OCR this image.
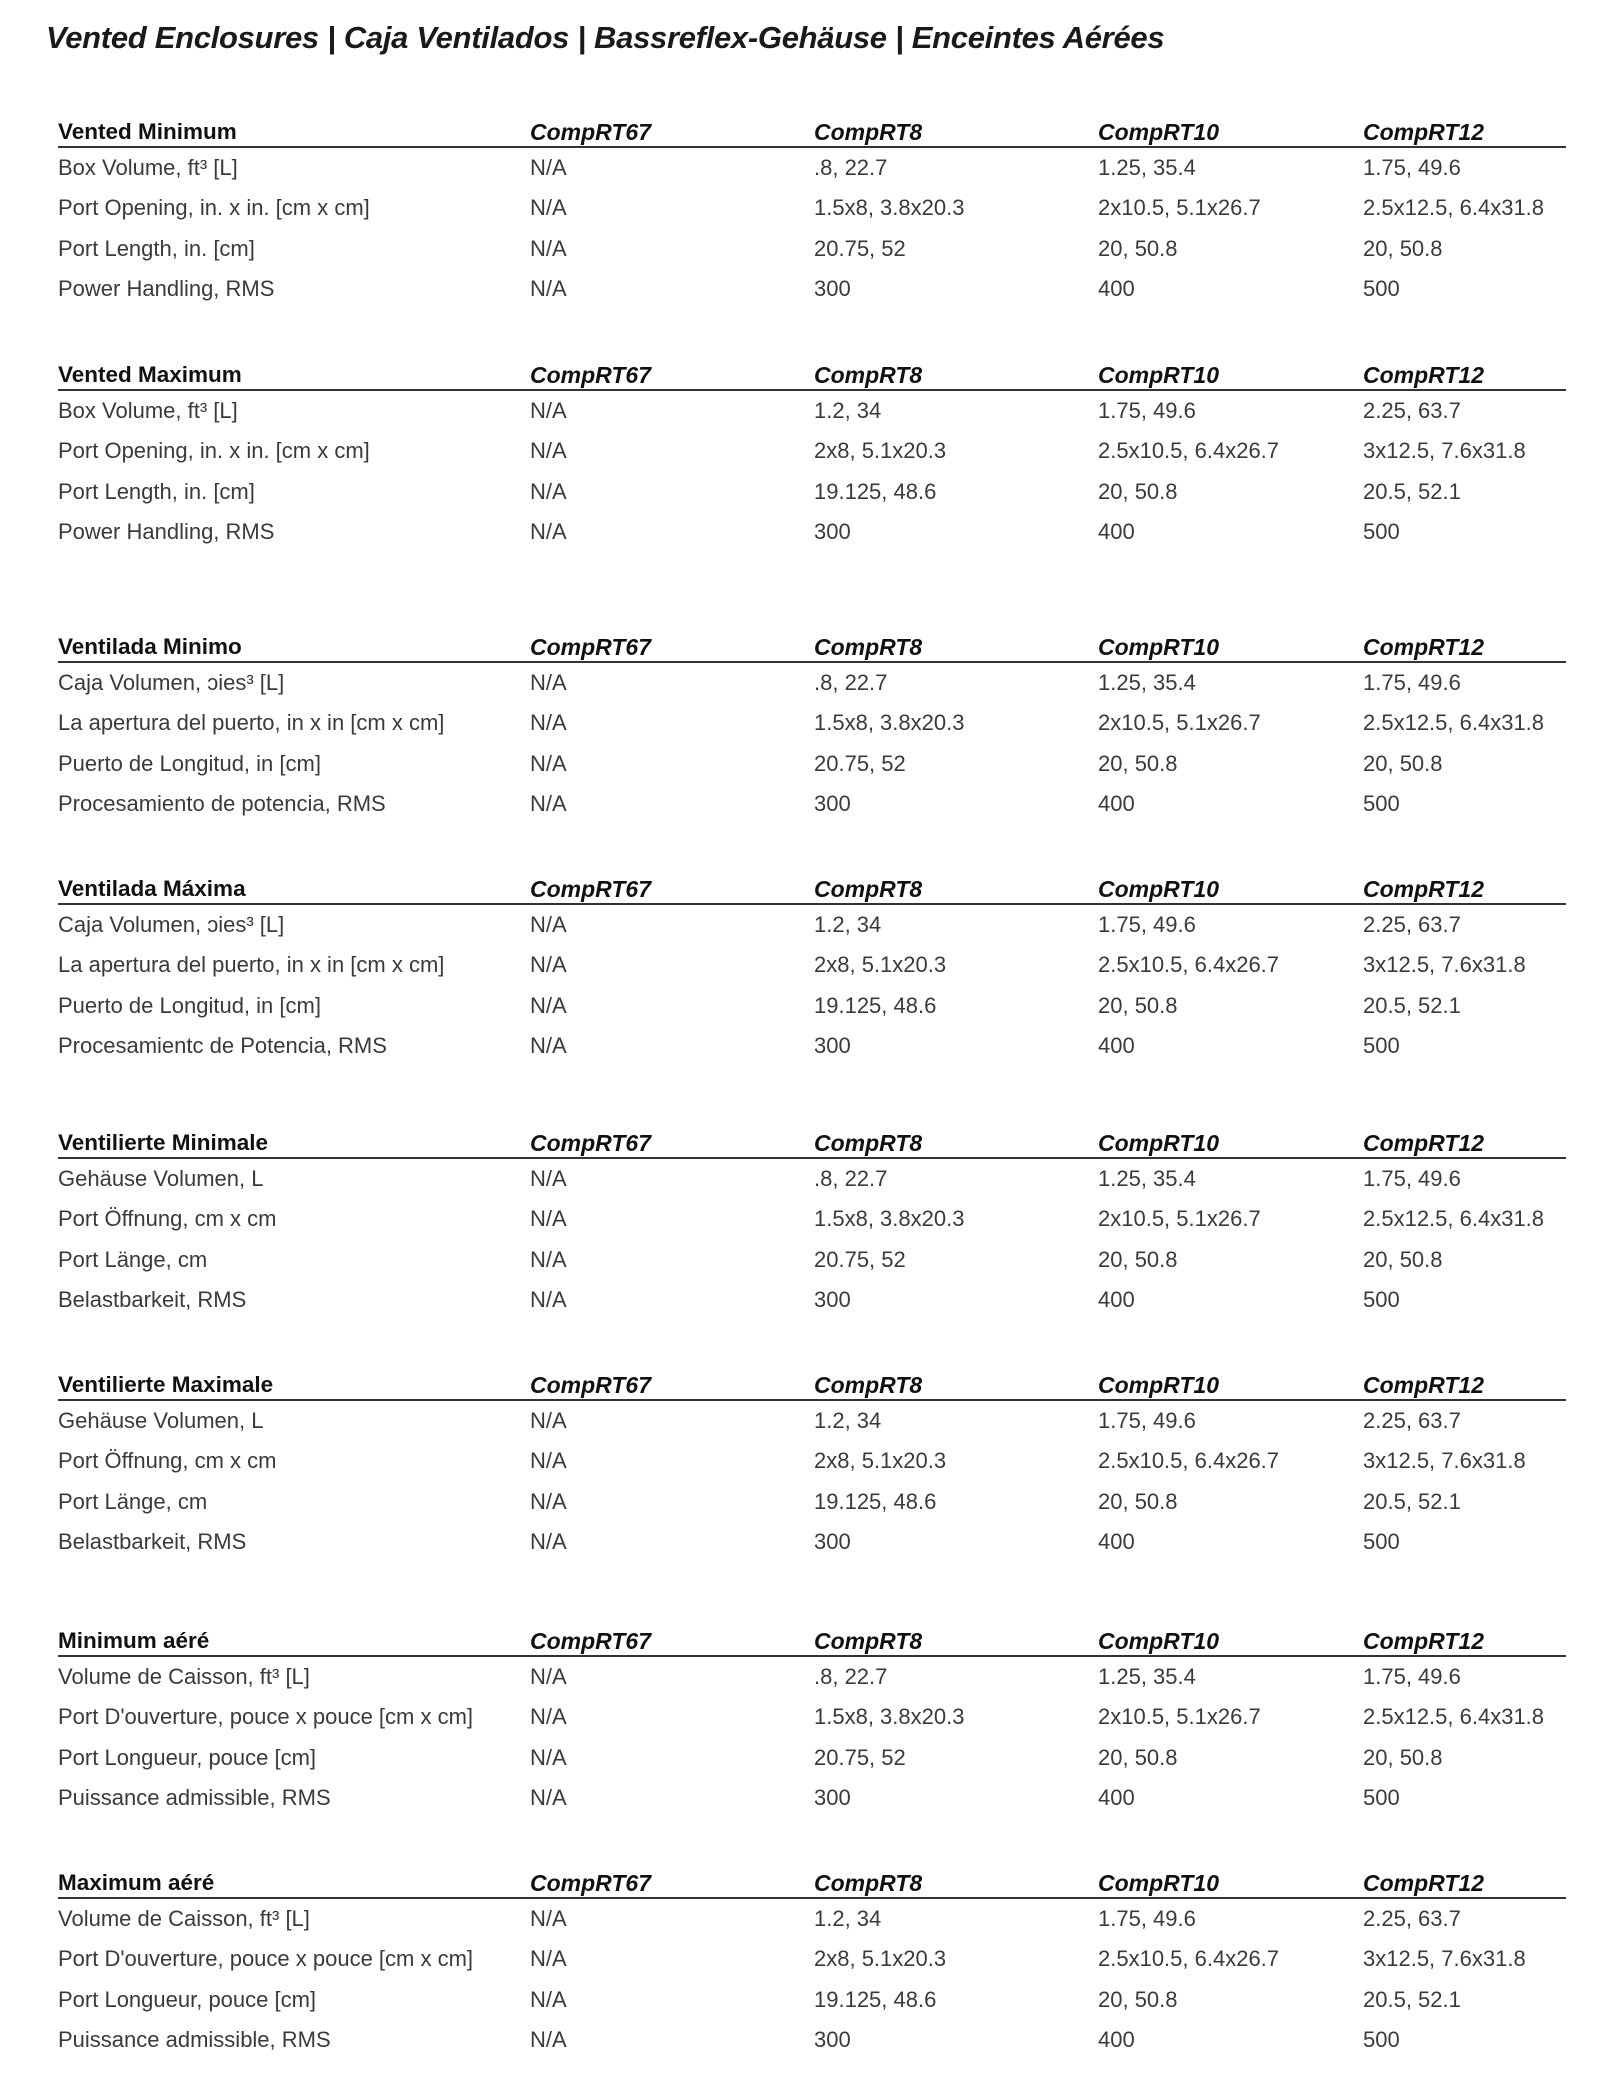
Vented Enclosures | Caja Ventilados | Bassreflex-Gehäuse | Enceintes Aérées
Vented Minimum	CompRT67	CompRT8	CompRT10	CompRT12
Box Volume, ft³ [L]	N/A	.8, 22.7	1.25, 35.4	1.75, 49.6
Port Opening, in. x in. [cm x cm]	N/A	1.5x8, 3.8x20.3	2x10.5, 5.1x26.7	2.5x12.5, 6.4x31.8
Port Length, in. [cm]	N/A	20.75, 52	20, 50.8	20, 50.8
Power Handling, RMS	N/A	300	400	500
Vented Maximum	CompRT67	CompRT8	CompRT10	CompRT12
Box Volume, ft³ [L]	N/A	1.2, 34	1.75, 49.6	2.25, 63.7
Port Opening, in. x in. [cm x cm]	N/A	2x8, 5.1x20.3	2.5x10.5, 6.4x26.7	3x12.5, 7.6x31.8
Port Length, in. [cm]	N/A	19.125, 48.6	20, 50.8	20.5, 52.1
Power Handling, RMS	N/A	300	400	500
Ventilada Minimo	CompRT67	CompRT8	CompRT10	CompRT12
Caja Volumen, ɔies³ [L]	N/A	.8, 22.7	1.25, 35.4	1.75, 49.6
La apertura del puerto, in x in [cm x cm]	N/A	1.5x8, 3.8x20.3	2x10.5, 5.1x26.7	2.5x12.5, 6.4x31.8
Puerto de Longitud, in [cm]	N/A	20.75, 52	20, 50.8	20, 50.8
Procesamiento de potencia, RMS	N/A	300	400	500
Ventilada Máxima	CompRT67	CompRT8	CompRT10	CompRT12
Caja Volumen, ɔies³ [L]	N/A	1.2, 34	1.75, 49.6	2.25, 63.7
La apertura del puerto, in x in [cm x cm]	N/A	2x8, 5.1x20.3	2.5x10.5, 6.4x26.7	3x12.5, 7.6x31.8
Puerto de Longitud, in [cm]	N/A	19.125, 48.6	20, 50.8	20.5, 52.1
Procesamientc de Potencia, RMS	N/A	300	400	500
Ventilierte Minimale	CompRT67	CompRT8	CompRT10	CompRT12
Gehäuse Volumen, L	N/A	.8, 22.7	1.25, 35.4	1.75, 49.6
Port Öffnung, cm x cm	N/A	1.5x8, 3.8x20.3	2x10.5, 5.1x26.7	2.5x12.5, 6.4x31.8
Port Länge, cm	N/A	20.75, 52	20, 50.8	20, 50.8
Belastbarkeit, RMS	N/A	300	400	500
Ventilierte Maximale	CompRT67	CompRT8	CompRT10	CompRT12
Gehäuse Volumen, L	N/A	1.2, 34	1.75, 49.6	2.25, 63.7
Port Öffnung, cm x cm	N/A	2x8, 5.1x20.3	2.5x10.5, 6.4x26.7	3x12.5, 7.6x31.8
Port Länge, cm	N/A	19.125, 48.6	20, 50.8	20.5, 52.1
Belastbarkeit, RMS	N/A	300	400	500
Minimum aéré	CompRT67	CompRT8	CompRT10	CompRT12
Volume de Caisson, ft³ [L]	N/A	.8, 22.7	1.25, 35.4	1.75, 49.6
Port D'ouverture, pouce x pouce [cm x cm]	N/A	1.5x8, 3.8x20.3	2x10.5, 5.1x26.7	2.5x12.5, 6.4x31.8
Port Longueur, pouce [cm]	N/A	20.75, 52	20, 50.8	20, 50.8
Puissance admissible, RMS	N/A	300	400	500
Maximum aéré	CompRT67	CompRT8	CompRT10	CompRT12
Volume de Caisson, ft³ [L]	N/A	1.2, 34	1.75, 49.6	2.25, 63.7
Port D'ouverture, pouce x pouce [cm x cm]	N/A	2x8, 5.1x20.3	2.5x10.5, 6.4x26.7	3x12.5, 7.6x31.8
Port Longueur, pouce [cm]	N/A	19.125, 48.6	20, 50.8	20.5, 52.1
Puissance admissible, RMS	N/A	300	400	500
